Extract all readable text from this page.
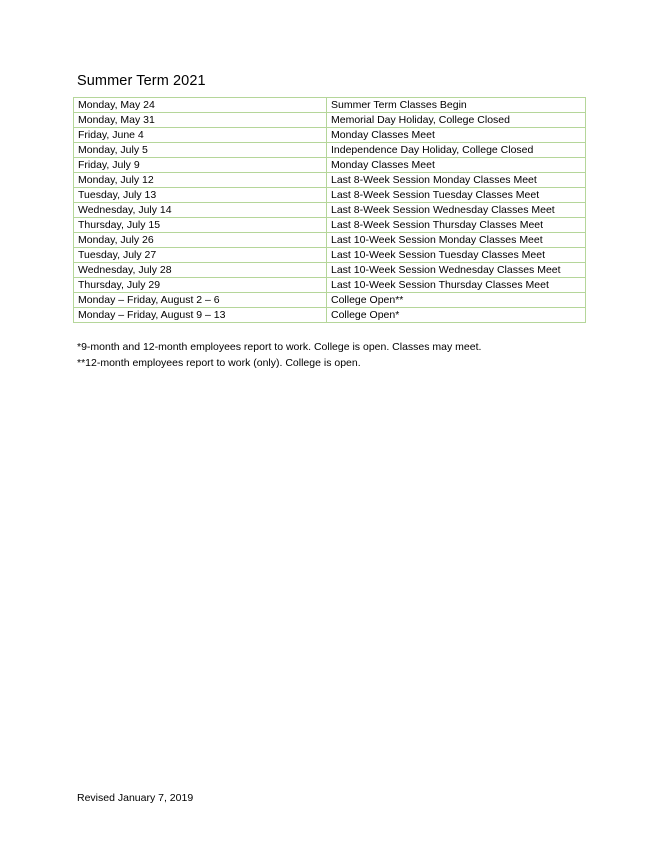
Summer Term 2021
Monday, May 24	Summer Term Classes Begin
Monday, May 31	Memorial Day Holiday, College Closed
Friday, June 4	Monday Classes Meet
Monday, July 5	Independence Day Holiday, College Closed
Friday, July 9	Monday Classes Meet
Monday, July 12	Last 8-Week Session Monday Classes Meet
Tuesday, July 13	Last 8-Week Session Tuesday Classes Meet
Wednesday, July 14	Last 8-Week Session Wednesday Classes Meet
Thursday, July 15	Last 8-Week Session Thursday Classes Meet
Monday, July 26	Last 10-Week Session Monday Classes Meet
Tuesday, July 27	Last 10-Week Session Tuesday Classes Meet
Wednesday, July 28	Last 10-Week Session Wednesday Classes Meet
Thursday, July 29	Last 10-Week Session Thursday Classes Meet
Monday – Friday, August 2 – 6	College Open**
Monday – Friday, August 9 – 13	College Open*
*9-month and 12-month employees report to work. College is open. Classes may meet.
**12-month employees report to work (only). College is open.
Revised January 7, 2019
